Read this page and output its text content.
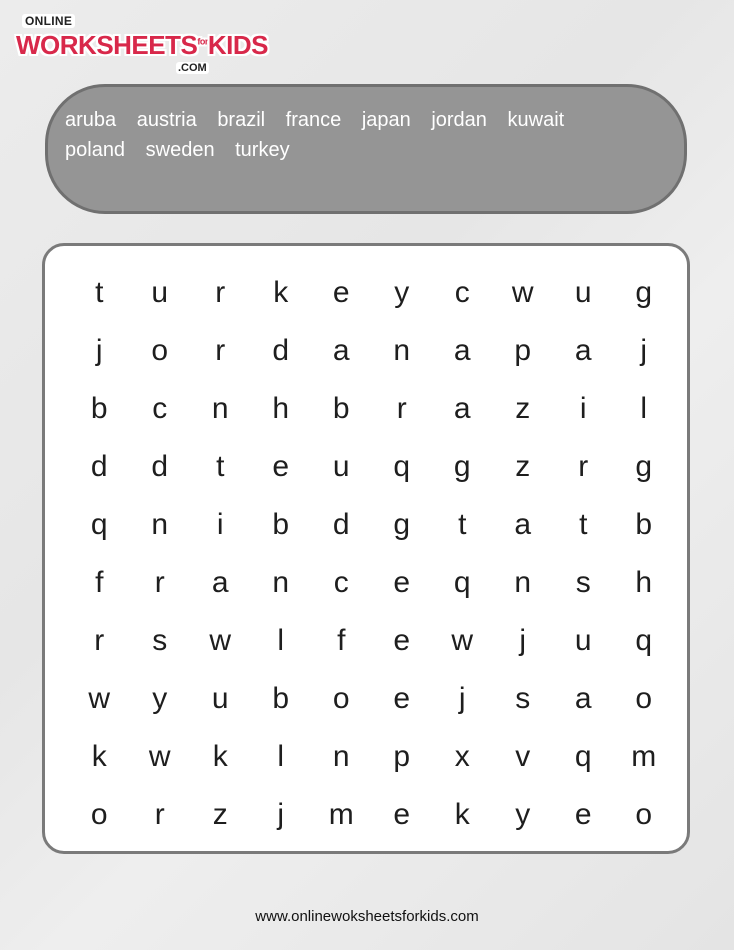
ONLINE
$WORKSHEETS^{for}KIDS$
.COM
aruba austria brazil france japan jordan kuwait
poland sweden turkey
t	u	r	k	e	y	c	w	u	g
j	o	r	d	a	n	a	p	a	j
b	c	n	h	b	r	a	z	i	l
d	d	t	e	u	q	g	z	r	g
q	n	i	b	d	g	t	a	t	b
f	r	a	n	c	e	q	n	s	h
r	s	w	l	f	e	w	j	u	q
w	y	u	b	o	e	j	s	a	o
k	w	k	l	n	p	x	v	q	m
o	r	z	j	m	e	k	y	e	o
www.onlinewoksheetsforkids.com
